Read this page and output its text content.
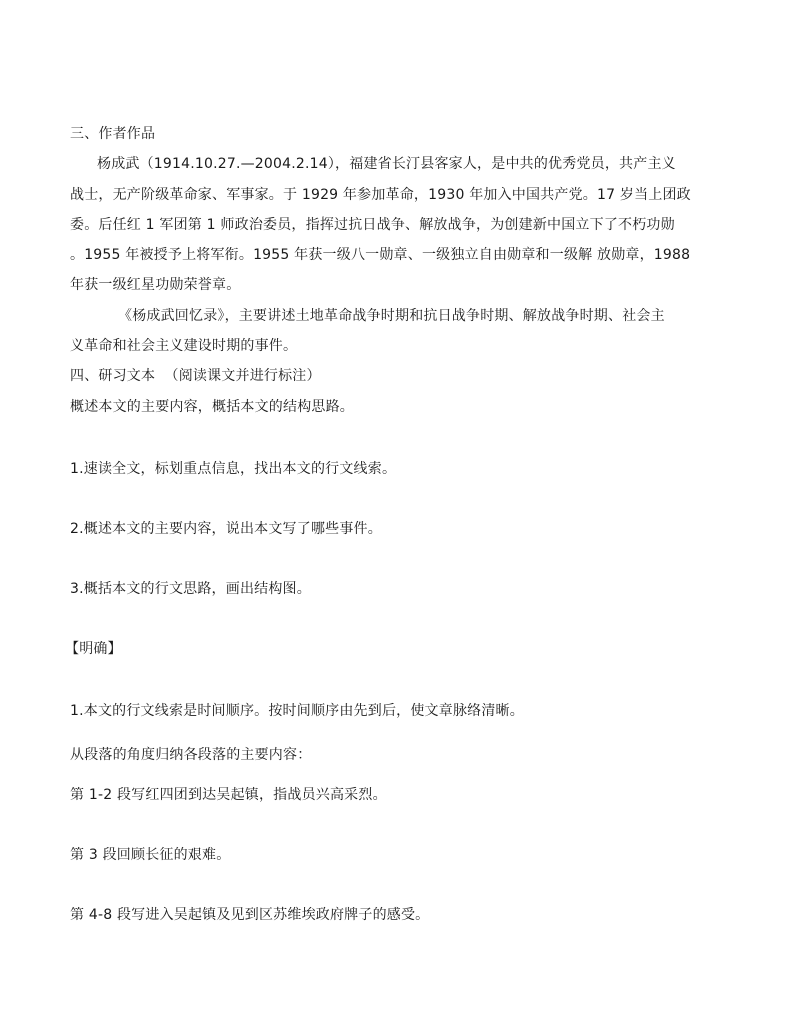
三、作者作品
杨成武（1914.10.27.—2004.2.14），福建省长汀县客家人，是中共的优秀党员，共产主义
战士，无产阶级革命家、军事家。于 1929 年参加革命，1930 年加入中国共产党。17 岁当上团政
委。后任红 1 军团第 1 师政治委员，指挥过抗日战争、解放战争，为创建新中国立下了不朽功勋
。1955 年被授予上将军衔。1955 年获一级八一勋章、一级独立自由勋章和一级解 放勋章，1988
年获一级红星功勋荣誉章。
《杨成武回忆录》，主要讲述土地革命战争时期和抗日战争时期、解放战争时期、社会主
义革命和社会主义建设时期的事件。
四、研习文本  （阅读课文并进行标注）
概述本文的主要内容，概括本文的结构思路。
1.速读全文，标划重点信息，找出本文的行文线索。
2.概述本文的主要内容，说出本文写了哪些事件。
3.概括本文的行文思路，画出结构图。
【明确】
1.本文的行文线索是时间顺序。按时间顺序由先到后，使文章脉络清晰。
从段落的角度归纳各段落的主要内容：
第 1-2 段写红四团到达吴起镇，指战员兴高采烈。
第 3 段回顾长征的艰难。
第 4-8 段写进入吴起镇及见到区苏维埃政府牌子的感受。
